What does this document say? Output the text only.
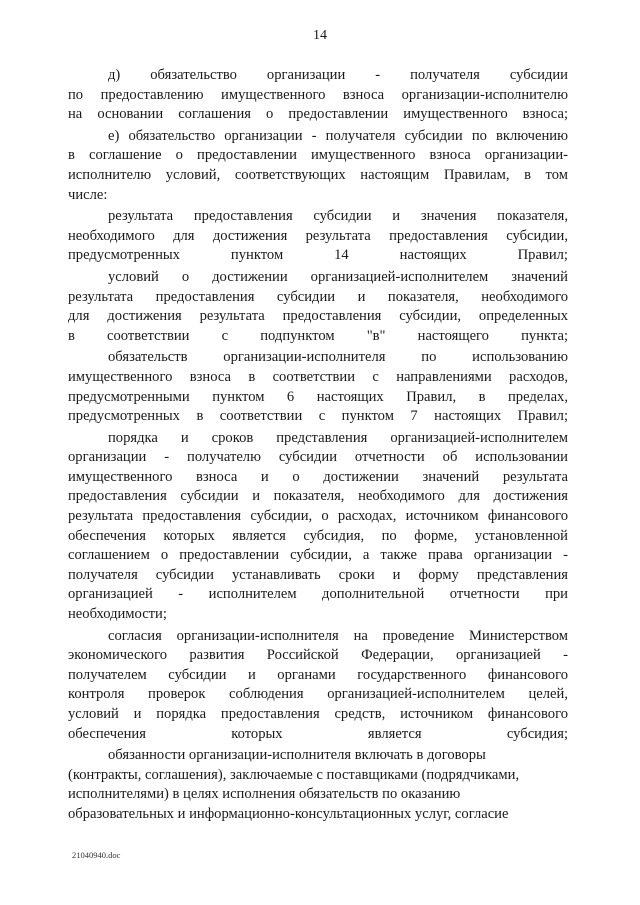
14

д) обязательство организации - получателя субсидии
по предоставлению имущественного взноса организации-исполнителю
на основании соглашения о предоставлении имущественного взноса;

е) обязательство организации - получателя субсидии по включению
в соглашение о предоставлении имущественного взноса организации-
исполнителю условий, соответствующих настоящим Правилам, в том
числе:

результата предоставления субсидии и значения показателя,
необходимого для достижения результата предоставления субсидии,
предусмотренных пунктом 14 настоящих Правил;

условий о достижении организацией-исполнителем значений
результата предоставления субсидии и показателя, необходимого
для достижения результата предоставления субсидии, определенных
в соответствии с подпунктом "в" настоящего пункта;

обязательств организации-исполнителя по использованию
имущественного взноса в соответствии с направлениями расходов,
предусмотренными пунктом 6 настоящих Правил, в пределах,
предусмотренных в соответствии с пунктом 7 настоящих Правил;

порядка и сроков представления организацией-исполнителем
организации - получателю субсидии отчетности об использовании
имущественного взноса и о достижении значений результата
предоставления субсидии и показателя, необходимого для достижения
результата предоставления субсидии, о расходах, источником финансового
обеспечения которых является субсидия, по форме, установленной
соглашением о предоставлении субсидии, а также права организации -
получателя субсидии устанавливать сроки и форму представления
организацией - исполнителем дополнительной отчетности при
необходимости;

согласия организации-исполнителя на проведение Министерством
экономического развития Российской Федерации, организацией -
получателем субсидии и органами государственного финансового
контроля проверок соблюдения организацией-исполнителем целей,
условий и порядка предоставления средств, источником финансового
обеспечения которых является субсидия;

обязанности организации-исполнителя включать в договоры
(контракты, соглашения), заключаемые с поставщиками (подрядчиками,
исполнителями) в целях исполнения обязательств по оказанию
образовательных и информационно-консультационных услуг, согласие

21040940.doc
